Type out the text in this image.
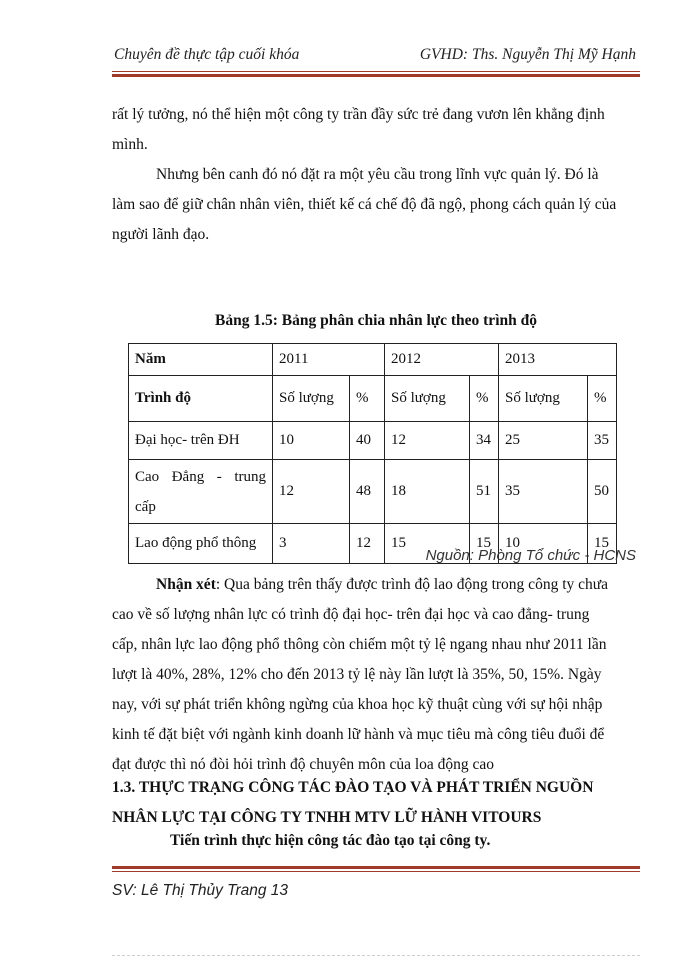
Chuyên đề thực tập cuối khóa	GVHD: Ths. Nguyễn Thị Mỹ Hạnh
rất lý tưởng, nó thể hiện một công ty trần đầy sức trẻ đang vươn lên khẳng định
mình.
Nhưng bên canh đó nó đặt ra một yêu cầu trong lĩnh vực quản lý. Đó là
làm sao để giữ chân nhân viên, thiết kế cá chế độ đã ngộ, phong cách quản lý của
người lãnh đạo.
Bảng 1.5: Bảng phân chia nhân lực theo trình độ
Năm	2011		2012		2013	
Trình độ	Số lượng	%	Số lượng	%	Số lượng	%
Đại học- trên ĐH	10	40	12	34	25	35

Cao Đẳng - trung
cấp	12	48	18	51	35	50
Lao động phổ thông	3	12	15	15	10	15
Nguồn: Phòng Tổ chức - HCNS
Nhận xét: Qua bảng trên thấy được trình độ lao động trong công ty chưa
cao về số lượng nhân lực có trình độ đại học- trên đại học và cao đẳng- trung
cấp, nhân lực lao động phổ thông còn chiếm một tỷ lệ ngang nhau như 2011 lần
lượt là 40%, 28%, 12% cho đến 2013 tỷ lệ này lần lượt là 35%, 50, 15%. Ngày
nay, với sự phát triển không ngừng của khoa học kỹ thuật cùng với sự hội nhập
kinh tế đặt biệt với ngành kinh doanh lữ hành và mục tiêu mà công tiêu đuổi để
đạt được thì nó đòi hỏi trình độ chuyên môn của loa động cao
1.3. THỰC TRẠNG CÔNG TÁC ĐÀO TẠO VÀ PHÁT TRIỂN NGUỒN
NHÂN LỰC TẠI CÔNG TY TNHH MTV LỮ HÀNH VITOURS
Tiến trình thực hiện công tác đào tạo tại công ty.
SV: Lê Thị Thủy Trang 13
